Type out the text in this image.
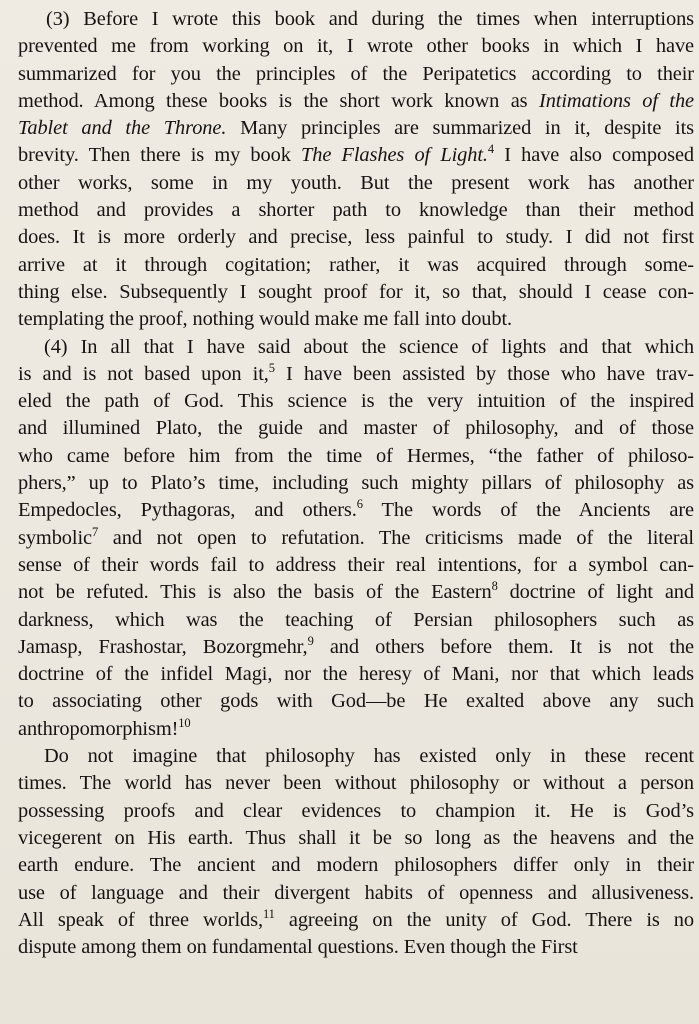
(3) Before I wrote this book and during the times when interruptions
prevented me from working on it, I wrote other books in which I have
summarized for you the principles of the Peripatetics according to their
method. Among these books is the short work known as Intimations of the
Tablet and the Throne. Many principles are summarized in it, despite its
brevity. Then there is my book The Flashes of Light.$^4$ I have also composed
other works, some in my youth. But the present work has another
method and provides a shorter path to knowledge than their method
does. It is more orderly and precise, less painful to study. I did not first
arrive at it through cogitation; rather, it was acquired through some-
thing else. Subsequently I sought proof for it, so that, should I cease con-
templating the proof, nothing would make me fall into doubt.
(4) In all that I have said about the science of lights and that which
is and is not based upon it,$^5$ I have been assisted by those who have trav-
eled the path of God. This science is the very intuition of the inspired
and illumined Plato, the guide and master of philosophy, and of those
who came before him from the time of Hermes, “the father of philoso-
phers,” up to Plato’s time, including such mighty pillars of philosophy as
Empedocles, Pythagoras, and others.$^6$ The words of the Ancients are
symbolic$^7$ and not open to refutation. The criticisms made of the literal
sense of their words fail to address their real intentions, for a symbol can-
not be refuted. This is also the basis of the Eastern$^8$ doctrine of light and
darkness, which was the teaching of Persian philosophers such as
Jamasp, Frashostar, Bozorgmehr,$^9$ and others before them. It is not the
doctrine of the infidel Magi, nor the heresy of Mani, nor that which leads
to associating other gods with God—be He exalted above any such
anthropomorphism!$^{10}$
Do not imagine that philosophy has existed only in these recent
times. The world has never been without philosophy or without a person
possessing proofs and clear evidences to champion it. He is God’s
vicegerent on His earth. Thus shall it be so long as the heavens and the
earth endure. The ancient and modern philosophers differ only in their
use of language and their divergent habits of openness and allusiveness.
All speak of three worlds,$^{11}$ agreeing on the unity of God. There is no
dispute among them on fundamental questions. Even though the First
